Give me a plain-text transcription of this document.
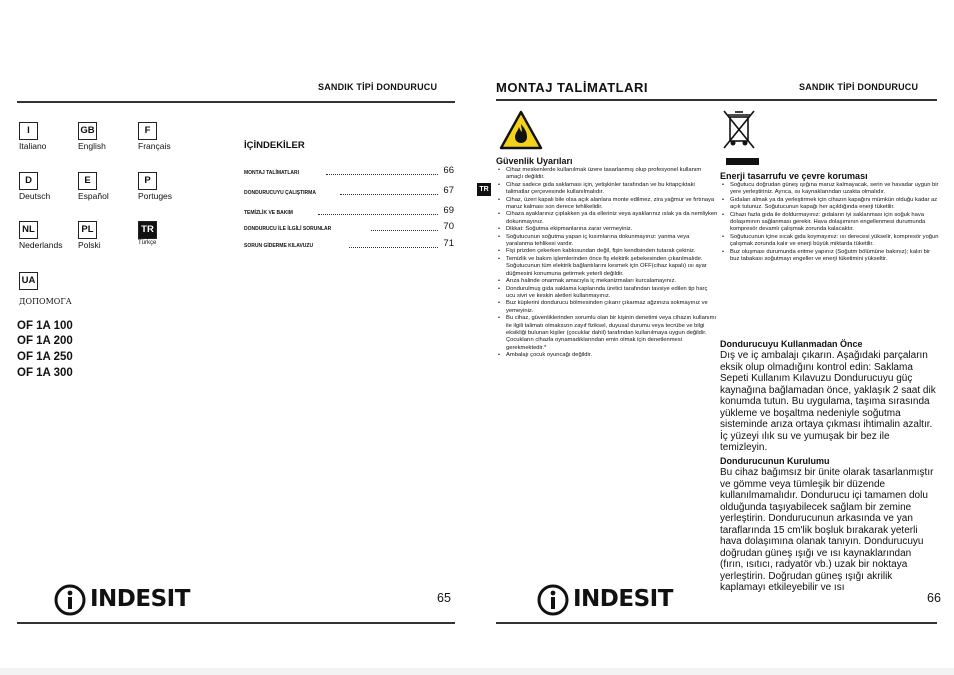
SANDIK TİPİ DONDURUCU
I
Italiano
GB
English
F
Français
D
Deutsch
E
Español
P
Portuges
NL
Nederlands
PL
Polski
TR
Türkçe
UA
ДОПОМОГА
İÇİNDEKİLER
MONTAJ TALİMATLARI	66
DONDURUCUYU ÇALIŞTIRMA	67
TEMİZLİK VE BAKIM	69
DONDURUCU İLE İLGİLİ SORUNLAR	70
SORUN GİDERME KILAVUZU	71
OF 1A 100
OF 1A 200
OF 1A 250
OF 1A 300
INDESIT	65
MONTAJ TALİMATLARI	SANDIK TİPİ DONDURUCU
Güvenlik Uyarıları
TR
• Cihaz meskenlerde kullanılmak üzere tasarlanmış olup profesyonel kullanım amaçlı değildir.
• Cihaz sadece gıda saklaması için, yetişkinler tarafından ve bu kitapçıktaki talimatlar çerçevesinde kullanılmalıdır.
• Cihaz, üzeri kapalı bile olsa açık alanlara monte edilmez, zira yağmur ve fırtınaya maruz kalması son derece tehlikelidir.
• Cihaza ayaklarınız çıplakken ya da elleriniz veya ayaklarınız ıslak ya da nemliyken dokunmayınız.
• Dikkat: Soğutma ekipmanlarına zarar vermeyiniz.
• Soğutucunun soğutma yapan iç kısımlarına dokunmayınız: yanma veya yaralanma tehlikesi vardır.
• Fişi prizden çekerken kablosundan değil, fişin kendisinden tutarak çekiniz.
• Temizlik ve bakım işlemlerinden önce fiş elektrik şebekesinden çıkarılmalıdır. Soğutucunun tüm elektrik bağlantılarını kesmek için OFF(cihaz kapalı) ısı ayar düğmesini konumuna getirmek yeterli değildir.
• Arıza halinde onarmak amacıyla iç mekanizmaları kurcalamayınız.
• Dondurulmuş gıda saklama kaplarında üretici tarafından tavsiye edilen tip harç ucu sivri ve keskin aletleri kullanmayınız.
• Buz küplerini dondurucu bölmesinden çıkarır çıkarmaz ağzınıza sokmayınız ve yemeyiniz.
• Bu cihaz, güvenliklerinden sorumlu olan bir kişinin denetimi veya cihazın kullanımı ile ilgili talimatı olmaksızın zayıf fiziksel, duyusal durumu veya tecrübe ve bilgi eksikliği bulunan kişiler (çocuklar dahil) tarafından kullanılmaya uygun değildir. Çocukların cihazla oynamadıklarından emin olmak için denetlenmesi gerekmektedir.*
• Ambalajı çocuk oyuncağı değildir.
Enerji tasarrufu ve çevre koruması
• Soğutucu doğrudan güneş ışığına maruz kalmayacak, serin ve havadar uygun bir yere yerleştiriniz. Ayrıca, ısı kaynaklarından uzakta olmalıdır.
• Gıdaları almak ya da yerleştirmek için cihazın kapağını mümkün olduğu kadar az açık tutunuz. Soğutucunun kapağı her açıldığında enerji tüketilir.
• Cihazı fazla gıda ile doldurmayınız: gıdaların iyi saklanması için soğuk hava dolaşımının sağlanması gerekir. Hava dolaşımının engellenmesi durumunda kompresör devamlı çalışmak zorunda kalacaktır.
• Soğutucunun içine sıcak gıda koymayınız: ısı derecesi yükselir, kompresör yoğun çalışmak zorunda kalır ve enerji büyük miktarda tüketilir.
• Buz oluşması durumunda eritme yapınız (Soğutm bölümüne bakınız); kalın bir buz tabakası soğutmayı engeller ve enerji tüketimini yükseltir.
Dondurucuyu Kullanmadan Önce
Dış ve iç ambalajı çıkarın. Aşağıdaki parçaların eksik olup olmadığını kontrol edin: Saklama Sepeti Kullanım Kılavuzu Dondurucuyu güç kaynağına bağlamadan önce, yaklaşık 2 saat dik konumda tutun. Bu uygulama, taşıma sırasında yükleme ve boşaltma nedeniyle soğutma sisteminde arıza ortaya çıkması ihtimalin azaltır. İç yüzeyi ılık su ve yumuşak bir bez ile temizleyin.
Dondurucunun Kurulumu
Bu cihaz bağımsız bir ünite olarak tasarlanmıştır ve gömme veya tümleşik bir düzende kullanılmamalıdır. Dondurucu içi tamamen dolu olduğunda taşıyabilecek sağlam bir zemine yerleştirin. Dondurucunun arkasında ve yan taraflarında 15 cm'lik boşluk bırakarak yeterli hava dolaşımına olanak tanıyın. Dondurucuyu doğrudan güneş ışığı ve ısı kaynaklarından (fırın, ısıtıcı, radyatör vb.) uzak bir noktaya yerleştirin. Doğrudan güneş ışığı akrilik kaplamayı etkileyebilir ve ısı
INDESIT	66
